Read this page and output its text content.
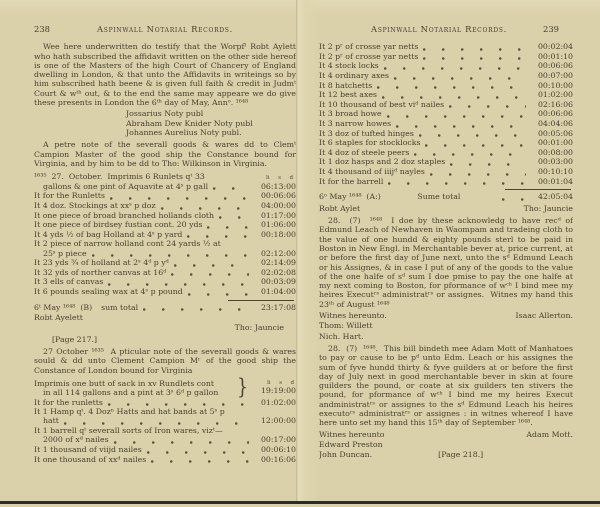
238	Aspinwall Notarial Records.

Wee here underwritten do testify that the Worpfˡ Robt Aylett who hath subscribed the affidavit written on the other side hereof is one of the Masters of the high Court of Chancery of England dwelling in London, & that unto the Affidavits in writeings so by him subscribed hath beene & is given full faith & credit in Judmᵗ Court & wᵗʰ out, & to the end the same may appeare we do give these presents in London the 6ᵗʰ day of May, Annᵒ. ¹⁶⁴⁸

Jossarius Noty publ
Abraham Dew Knider Noty publ
Johannes Aurelius Noty publ.

A petre note of the severall goods & wares dd to Clemᵗ Campion Master of the good ship the Constance bound for Virginia, and by him to be dd to Tho: Wilkinson in Virginia.

¹⁶³⁵  27.  October.  Imprimis 6 Runlets qᵗ 33	li s d
gallons & one pint of Aquavite at 4ˢ p gall	06:13:00
It for the Runletts	00:06:06
It 4 doz. Stockings at xxˢ p doz	04:00:00
It one piece of broad branched hollands cloth	01:17:00
It one piece of birdsey fustian cont. 20 yds	01:06:00
It 4 yds ½ of bag Holland at 4ˢ p yard	00:18:00
It 2 piece of narrow holland cont 24 yards ½ at
25ˢ p piece	02:12:00
It 23 yds ¾ of holland at 2ˢ 4ᵈ p yᵈ	02:14:09
It 32 yds of norther canvas at 16ᵈ	02:02:08
It 3 ells of canvas	00:03:09
It 6 pounds sealing wax at 4ˢ p pound	01:04:00
6ᵗ May ¹⁶⁴⁸  (B) sum total	23:17:08
Robt Ayelett
Tho: Jauncie
[Page 217.]

27 October ¹⁶³⁵  A pticular note of the severall goods & wares sould & dd unto Clement Campion Mʳ of the good ship the Constance of London bound for Virginia

Imprimis one butt of sack in xv Rundlets cont
in all 114 gallons and a pint at 3ˢ 6ᵈ p gallon	}	li s d
19:19:00
It for the runletts	01:02:00
It 1 Hamp qᵗ. 4 Dozⁿ Hatts and hat bands at 5ˢ p
hatt	12:00:00
It 1 barrell qᵗ severall sorts of Iron wares, vizᵗ—
2000 of xᵈ nailes	00:17:00
It 1 thousand of viijd nailes	00:06:10
It one thousand of xxᵈ nailes	00:16:06
Aspinwall Notarial Records.	239
It 2 pʳ of crosse yar netts	00:02:04
It 2 pʳ of crosse yar netts	00:01:10
It 4 stock locks	00:06:06
It 4 ordinary axes	00:07:00
It 8 hatchetts	00:10:00
It 12 best axes	01:02:00
It 10 thousand of best viᵈ nailes	02:16:06
It 3 broad howe	00:06:06
It 3 narrow howes	04:04:06
It 3 doz of tufted hinges	00:05:06
It 6 staples for stocklocks	00:01:00
It 4 doz of steele peers	00:08:00
It 1 doz hasps and 2 doz staples	00:03:00
It 4 thousand of iiijᵈ nayles	00:10:10
It for the barrell	00:01:04
6ᵒ May ¹⁶⁴⁸  (A:)	Sume total	42:05:04
Robt Aylet	Tho: Jauncie

28.  (7)  ¹⁶⁴⁸  I doe by these acknowledg to have recᵈ of Edmund Leach of Newhaven in Waompam and tradeing cloth to the value of one hundd & eighty pounds sterl to be paid in Boston in New Engl. in Merchantable bever at, price current, at or before the first day of June next, unto the sᵈ Edmund Leach or his Assignes, & in case I put of any of the goods to the value of the one halfe of sᵈ sum I doe pmise to pay the one halfe at my next coming to Boston, for pformance of wᶜʰ I bind mee my heires Executʳˢ administratʳˢ or assignes.  Witnes my hand this 23ᵗʰ of August ¹⁶⁴⁸

Witnes hereunto.	Isaac Allerton.
Thom: Willett
Nich. Hart.

28.  (7)  ¹⁶⁴⁸.  This bill bindeth mee Adam Mott of Manhatoes to pay or cause to be pᵈ unto Edm. Leach or his assignes the sum of fyve hundd thirty & fyve guilders at or before the first day of July next in good merchantable bever in skin at foure guilders the pound, or coate at six guilders ten stivers the pound, for pformance of wᶜʰ I bind me my heires Execut andministratʳˢ or assignes to the sᵈ Edmund Leach his heires executoʳˢ administratʳˢ or assignes : in witnes whereof I have here unto set my hand this 15ᵗʰ day of September ¹⁶⁴⁸.

Witnes hereunto	Adam Mott.
Edward Preston
John Duncan.	[Page 218.]
